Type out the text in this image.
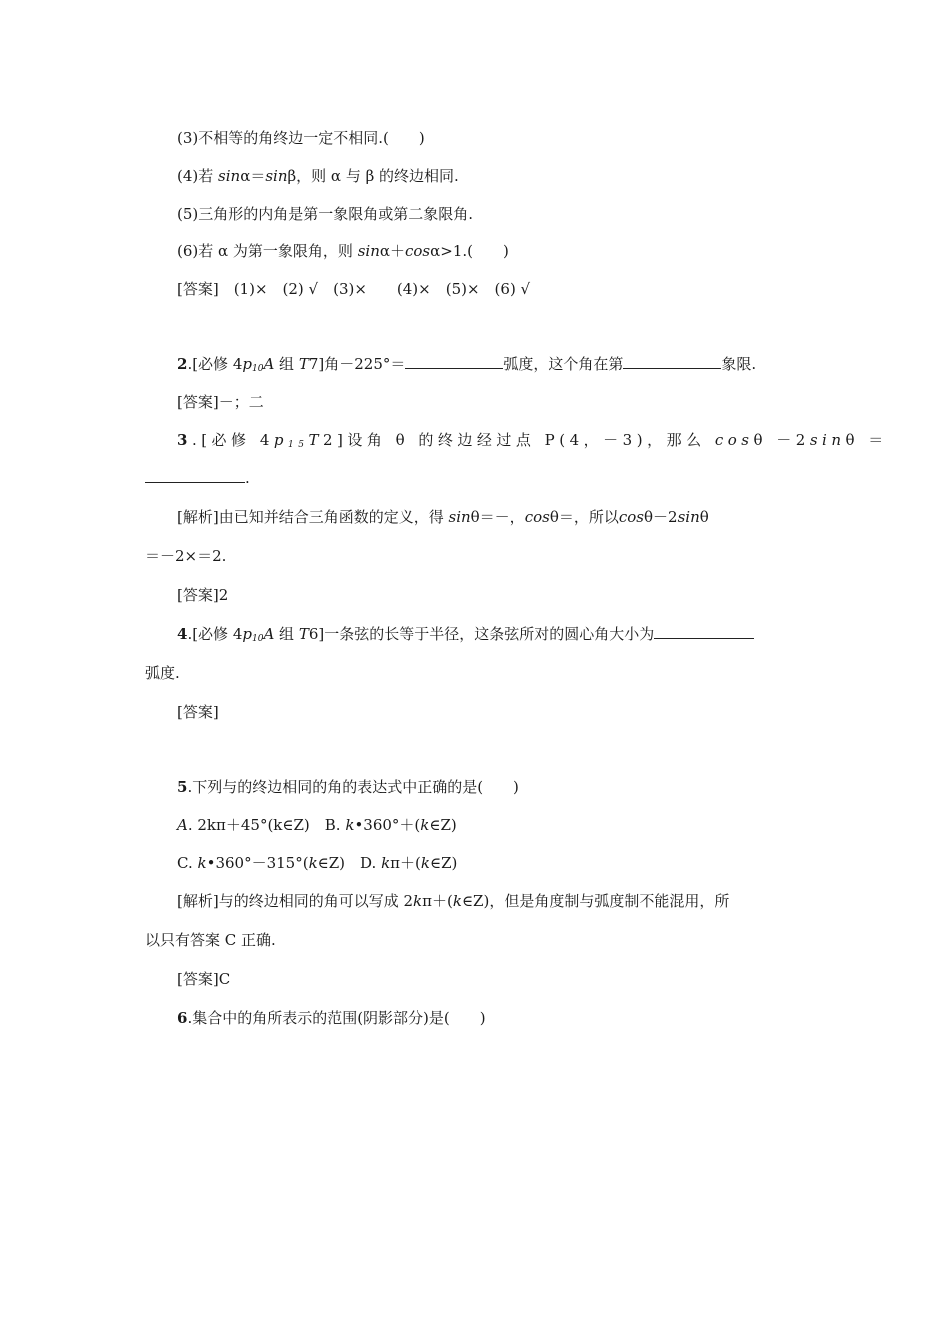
(3)不相等的角终边一定不相同.(　　)
(4)若 sinα＝sinβ，则 α 与 β 的终边相同.
(5)三角形的内角是第一象限角或第二象限角.
(6)若 α 为第一象限角，则 sinα＋cosα>1.(　　)
[答案]　(1)×　(2) √　(3)×　　(4)×　(5)×　(6) √
2.[必修 $4p_{10}A$ 组 T7]角－225°＝	弧度，这个角在第	象限.
[答案]－；二
3.[必修 $4p_{15}T2$]设角 θ 的终边经过点 P(4，－3)，那么 cosθ －2sinθ ＝
.
[解析]由已知并结合三角函数的定义，得 sinθ＝－，cosθ＝，所以cosθ－2sinθ
＝－2×＝2.
[答案]2
4.[必修 $4p_{10}A$ 组 T6]一条弦的长等于半径，这条弦所对的圆心角大小为
弧度.
[答案]
5.下列与的终边相同的角的表达式中正确的是(　　)
A. 2kπ＋45°(k∈Z)　B. k•360°＋(k∈Z)
C. k•360°－315°(k∈Z)　D. kπ＋(k∈Z)
[解析]与的终边相同的角可以写成 2kπ＋(k∈Z)，但是角度制与弧度制不能混用，所
以只有答案 C 正确.
[答案]C
6.集合中的角所表示的范围(阴影部分)是(　　)
